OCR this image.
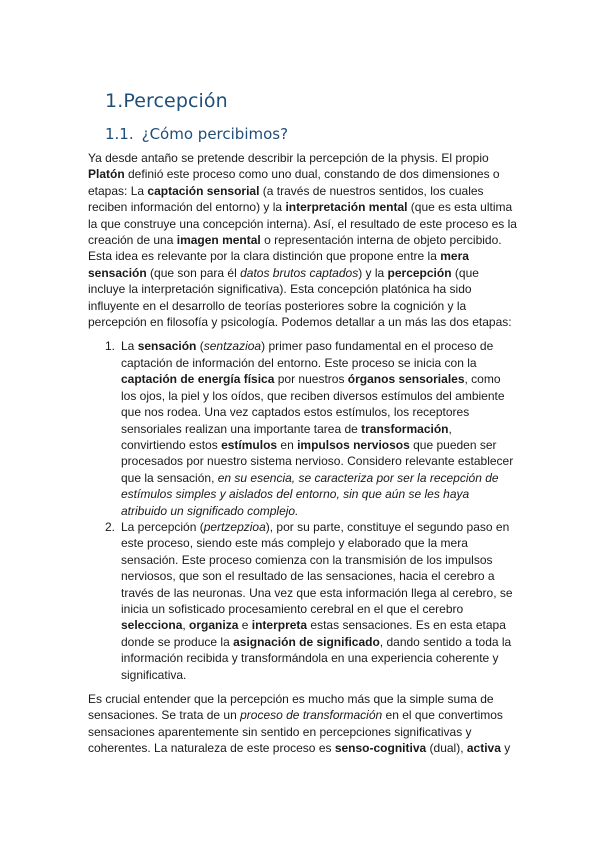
1.Percepción
1.1. ¿Cómo percibimos?

Ya desde antaño se pretende describir la percepción de la physis. El propio Platón definió este proceso como uno dual, constando de dos dimensiones o etapas: La captación sensorial (a través de nuestros sentidos, los cuales reciben información del entorno) y la interpretación mental (que es esta ultima la que construye una concepción interna). Así, el resultado de este proceso es la creación de una imagen mental o representación interna de objeto percibido. Esta idea es relevante por la clara distinción que propone entre la mera sensación (que son para él datos brutos captados) y la percepción (que incluye la interpretación significativa). Esta concepción platónica ha sido influyente en el desarrollo de teorías posteriores sobre la cognición y la percepción en filosofía y psicología. Podemos detallar a un más las dos etapas:

1. La sensación (sentzazioa) primer paso fundamental en el proceso de captación de información del entorno. Este proceso se inicia con la captación de energía física por nuestros órganos sensoriales, como los ojos, la piel y los oídos, que reciben diversos estímulos del ambiente que nos rodea. Una vez captados estos estímulos, los receptores sensoriales realizan una importante tarea de transformación, convirtiendo estos estímulos en impulsos nerviosos que pueden ser procesados por nuestro sistema nervioso. Considero relevante establecer que la sensación, en su esencia, se caracteriza por ser la recepción de estímulos simples y aislados del entorno, sin que aún se les haya atribuido un significado complejo.
2. La percepción (pertzepzioa), por su parte, constituye el segundo paso en este proceso, siendo este más complejo y elaborado que la mera sensación. Este proceso comienza con la transmisión de los impulsos nerviosos, que son el resultado de las sensaciones, hacia el cerebro a través de las neuronas. Una vez que esta información llega al cerebro, se inicia un sofisticado procesamiento cerebral en el que el cerebro selecciona, organiza e interpreta estas sensaciones. Es en esta etapa donde se produce la asignación de significado, dando sentido a toda la información recibida y transformándola en una experiencia coherente y significativa.

Es crucial entender que la percepción es mucho más que la simple suma de sensaciones. Se trata de un proceso de transformación en el que convertimos sensaciones aparentemente sin sentido en percepciones significativas y coherentes. La naturaleza de este proceso es senso-cognitiva (dual), activa y
